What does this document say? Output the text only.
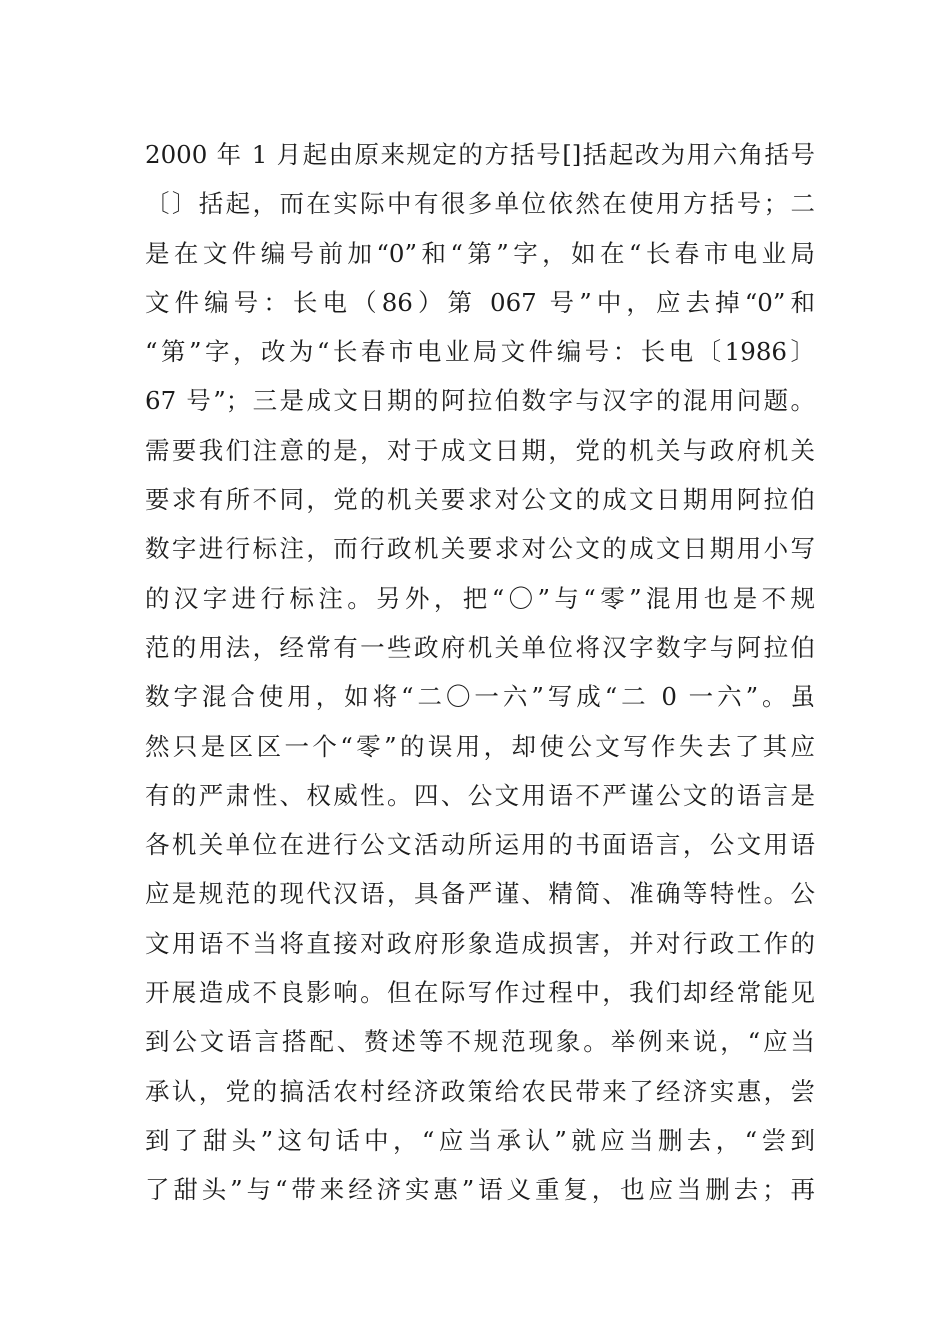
2000 年 1 月起由原来规定的方括号[]括起改为用六角括号
〔〕括起，而在实际中有很多单位依然在使用方括号；二
是在文件编号前加“0”和“第”字，如在“长春市电业局
文件编号：长电（86）第 067 号”中，应去掉“0”和
“第”字，改为“长春市电业局文件编号：长电〔1986〕
67 号”；三是成文日期的阿拉伯数字与汉字的混用问题。
需要我们注意的是，对于成文日期，党的机关与政府机关
要求有所不同，党的机关要求对公文的成文日期用阿拉伯
数字进行标注，而行政机关要求对公文的成文日期用小写
的汉字进行标注。另外，把“〇”与“零”混用也是不规
范的用法，经常有一些政府机关单位将汉字数字与阿拉伯
数字混合使用，如将“二〇一六”写成“二 0 一六”。虽
然只是区区一个“零”的误用，却使公文写作失去了其应
有的严肃性、权威性。四、公文用语不严谨公文的语言是
各机关单位在进行公文活动所运用的书面语言，公文用语
应是规范的现代汉语，具备严谨、精简、准确等特性。公
文用语不当将直接对政府形象造成损害，并对行政工作的
开展造成不良影响。但在际写作过程中，我们却经常能见
到公文语言搭配、赘述等不规范现象。举例来说，“应当
承认，党的搞活农村经济政策给农民带来了经济实惠，尝
到了甜头”这句话中，“应当承认”就应当删去，“尝到
了甜头”与“带来经济实惠”语义重复，也应当删去；再
